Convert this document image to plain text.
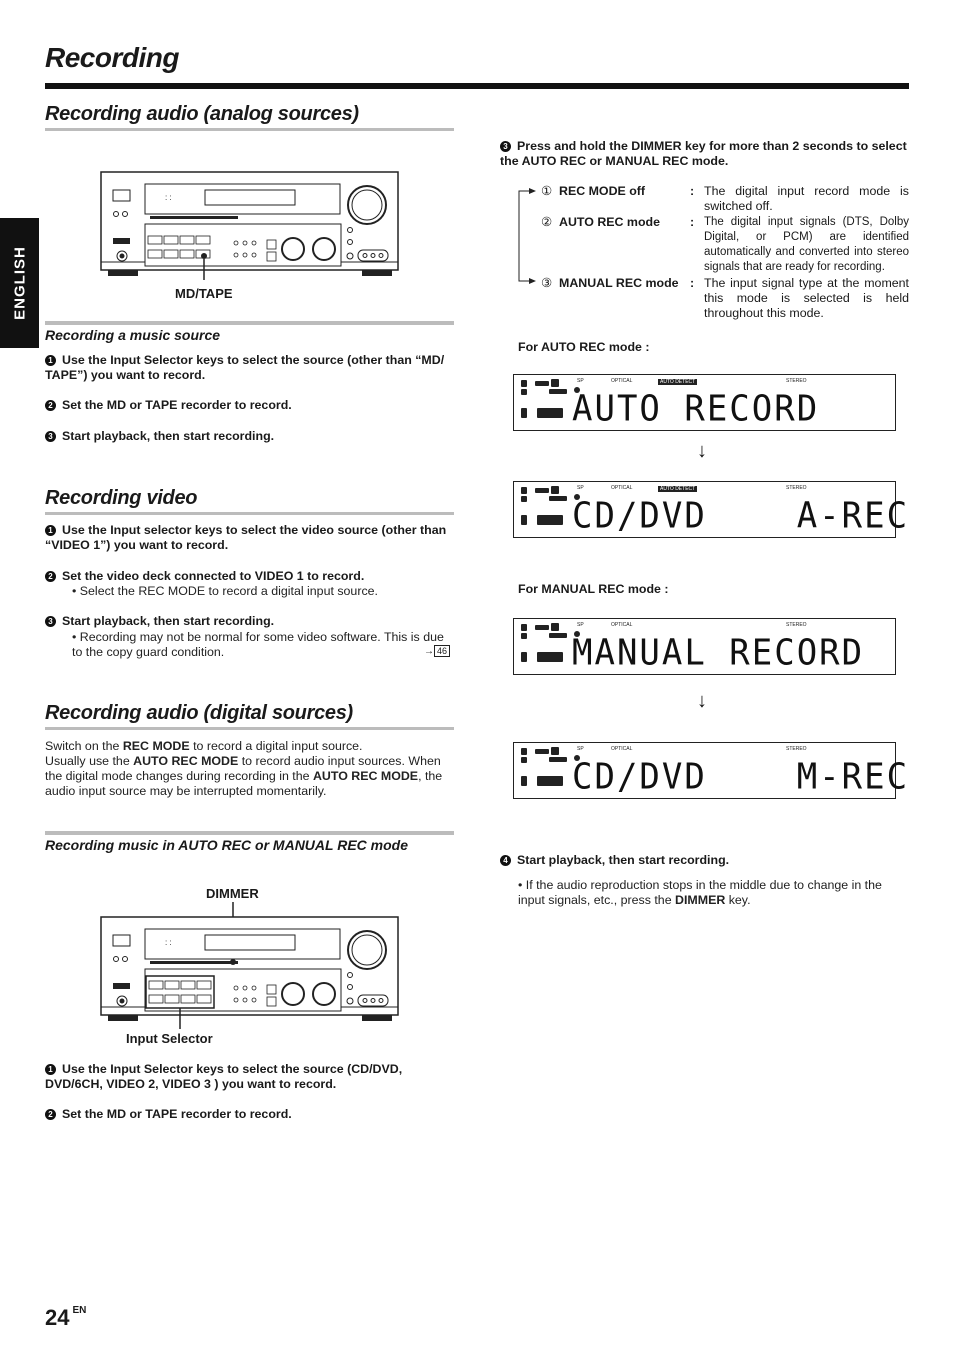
Recording
ENGLISH
Recording audio (analog sources)
: :
MD/TAPE
Recording a music source
1 Use the Input Selector keys to select the source (other than “MD/ TAPE”) you want to record.
2 Set the MD or TAPE recorder to record.
3 Start playback, then start recording.
Recording video
1 Use the Input selector keys to select the video source (other than “VIDEO 1”) you want to record.
2 Set the video deck connected to VIDEO 1 to record.
• Select the REC MODE to record a digital input source.
3 Start playback, then start recording.
• Recording may not be normal for some video software. This is due to the copy guard condition.	→ 46
Recording audio (digital sources)
Switch on the REC MODE to record a digital input source.
Usually use the AUTO REC MODE to record audio input sources. When
the digital mode changes during recording in the AUTO REC MODE, the
audio input source may be interrupted momentarily.
Recording music in AUTO REC or MANUAL REC mode
DIMMER
: :
Input Selector
1 Use the Input Selector keys to select the source (CD/DVD, DVD/6CH, VIDEO 2, VIDEO 3 ) you want to record.
2 Set the MD or TAPE recorder to record.
3 Press and hold the DIMMER key for more than 2 seconds to select the AUTO REC or MANUAL REC mode.
① REC MODE off	: The digital input record mode is switched off.
② AUTO REC mode : The digital input signals (DTS, Dolby Digital, or PCM) are identified automatically and converted into stereo signals that are ready for recording.
③ MANUAL REC mode : The input signal type at the moment this mode is selected is held throughout this mode.
For AUTO REC mode :
SP	OPTICAL	AUTO DETECT	STEREO
AUTO RECORD
↓
SP	OPTICAL	AUTO DETECT	STEREO
CD/DVD    A-REC
For MANUAL REC mode :
SP	OPTICAL	STEREO
MANUAL RECORD
↓
SP	OPTICAL	STEREO
CD/DVD    M-REC
4 Start playback, then start recording.
• If the audio reproduction stops in the middle due to change in the input signals, etc., press the DIMMER key.
24 $^{EN}$
